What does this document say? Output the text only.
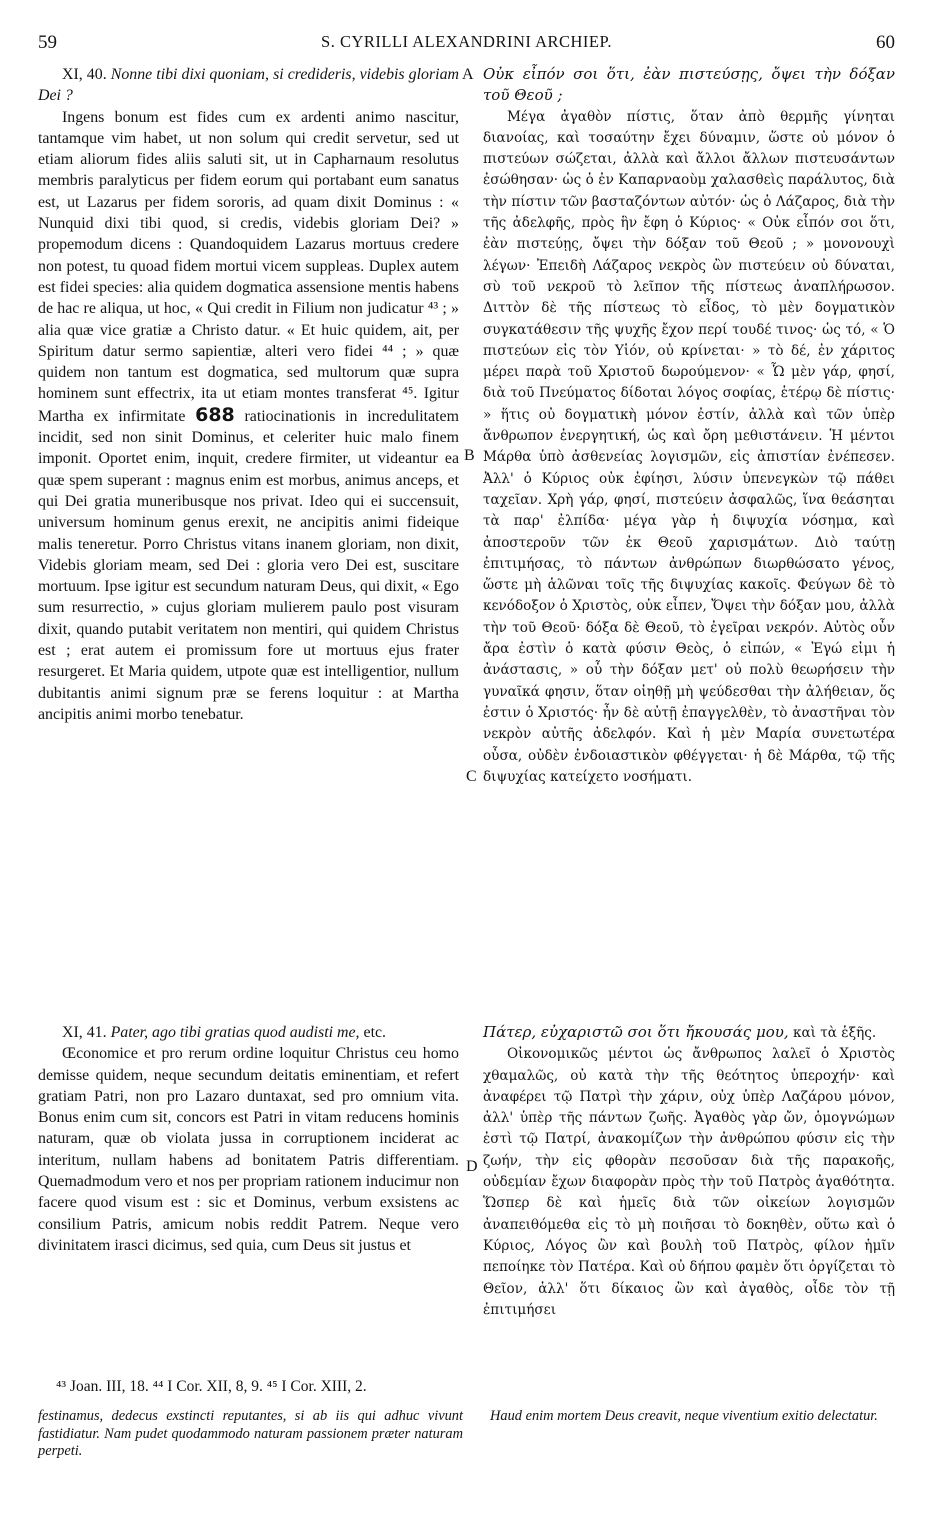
59	S. CYRILLI ALEXANDRINI ARCHIEP.	60

XI, 40. Nonne tibi dixi quoniam, si credideris, videbis gloriam Dei ?

Ingens bonum est fides cum ex ardenti animo nascitur, tantamque vim habet, ut non solum qui credit servetur, sed ut etiam aliorum fides aliis saluti sit, ut in Capharnaum resolutus membris paralyticus per fidem eorum qui portabant eum sanatus est, ut Lazarus per fidem sororis, ad quam dixit Dominus : « Nunquid dixi tibi quod, si credis, videbis gloriam Dei? » propemodum dicens : Quandoquidem Lazarus mortuus credere non potest, tu quoad fidem mortui vicem suppleas. Duplex autem est fidei species: alia quidem dogmatica assensione mentis habens de hac re aliqua, ut hoc, « Qui credit in Filium non judicatur ⁴³ ; » alia quæ vice gratiæ a Christo datur. « Et huic quidem, ait, per Spiritum datur sermo sapientiæ, alteri vero fidei ⁴⁴ ; » quæ quidem non tantum est dogmatica, sed multorum quæ supra hominem sunt effectrix, ita ut etiam montes transferat ⁴⁵. Igitur Martha ex infirmitate 688 ratiocinationis in incredulitatem incidit, sed non sinit Dominus, et celeriter huic malo finem imponit. Oportet enim, inquit, credere firmiter, ut videantur ea quæ spem superant : magnus enim est morbus, animus anceps, et qui Dei gratia muneribusque nos privat. Ideo qui ei succensuit, universum hominum genus erexit, ne ancipitis animi fideique malis teneretur. Porro Christus vitans inanem gloriam, non dixit, Videbis gloriam meam, sed Dei : gloria vero Dei est, suscitare mortuum. Ipse igitur est secundum naturam Deus, qui dixit, « Ego sum resurrectio, » cujus gloriam mulierem paulo post visuram dixit, quando putabit veritatem non mentiri, qui quidem Christus est ; erat autem ei promissum fore ut mortuus ejus frater resurgeret. Et Maria quidem, utpote quæ est intelligentior, nullum dubitantis animi signum præ se ferens loquitur : at Martha ancipitis animi morbo tenebatur.

XI, 41. Pater, ago tibi gratias quod audisti me, etc.

Œconomice et pro rerum ordine loquitur Christus ceu homo demisse quidem, neque secundum deitatis eminentiam, et refert gratiam Patri, non pro Lazaro duntaxat, sed pro omnium vita. Bonus enim cum sit, concors est Patri in vitam reducens hominis naturam, quæ ob violata jussa in corruptionem inciderat ac interitum, nullam habens ad bonitatem Patris differentiam. Quemadmodum vero et nos per propriam rationem inducimur non facere quod visum est : sic et Dominus, verbum exsistens ac consilium Patris, amicum nobis reddit Patrem. Neque vero divinitatem irasci dicimus, sed quia, cum Deus sit justus et

Οὐκ εἶπόν σοι ὅτι, ἐὰν πιστεύσῃς, ὄψει τὴν δόξαν τοῦ Θεοῦ ;

Μέγα ἀγαθὸν πίστις, ὅταν ἀπὸ θερμῆς γίνηται διανοίας, καὶ τοσαύτην ἔχει δύναμιν, ὥστε οὐ μόνον ὁ πιστεύων σώζεται, ἀλλὰ καὶ ἄλλοι ἄλλων πιστευσάντων ἐσώθησαν· ὡς ὁ ἐν Καπαρναοὺμ χαλασθεὶς παράλυτος, διὰ τὴν πίστιν τῶν βασταζόντων αὐτόν· ὡς ὁ Λάζαρος, διὰ τὴν τῆς ἀδελφῆς, πρὸς ἣν ἔφη ὁ Κύριος· « Οὐκ εἶπόν σοι ὅτι, ἐὰν πιστεύῃς, ὄψει τὴν δόξαν τοῦ Θεοῦ ; » μονονουχὶ λέγων· Ἐπειδὴ Λάζαρος νεκρὸς ὢν πιστεύειν οὐ δύναται, σὺ τοῦ νεκροῦ τὸ λεῖπον τῆς πίστεως ἀναπλήρωσον. Διττὸν δὲ τῆς πίστεως τὸ εἶδος, τὸ μὲν δογματικὸν συγκατάθεσιν τῆς ψυχῆς ἔχον περί τουδέ τινος· ὡς τό, « Ὁ πιστεύων εἰς τὸν Υἱόν, οὐ κρίνεται· » τὸ δέ, ἐν χάριτος μέρει παρὰ τοῦ Χριστοῦ δωρούμενον· « Ὧ μὲν γάρ, φησί, διὰ τοῦ Πνεύματος δίδοται λόγος σοφίας, ἑτέρῳ δὲ πίστις· » ἥτις οὐ δογματικὴ μόνον ἐστίν, ἀλλὰ καὶ τῶν ὑπὲρ ἄνθρωπον ἐνεργητική, ὡς καὶ ὄρη μεθιστάνειν. Ἡ μέντοι Μάρθα ὑπὸ ἀσθενείας λογισμῶν, εἰς ἀπιστίαν ἐνέπεσεν. Ἀλλ' ὁ Κύριος οὐκ ἐφίησι, λύσιν ὑπενεγκὼν τῷ πάθει ταχεῖαν. Χρὴ γάρ, φησί, πιστεύειν ἀσφαλῶς, ἵνα θεάσηται τὰ παρ' ἐλπίδα· μέγα γὰρ ἡ διψυχία νόσημα, καὶ ἀποστεροῦν τῶν ἐκ Θεοῦ χαρισμάτων. Διὸ ταύτῃ ἐπιτιμήσας, τὸ πάντων ἀνθρώπων διωρθώσατο γένος, ὥστε μὴ ἁλῶναι τοῖς τῆς διψυχίας κακοῖς. Φεύγων δὲ τὸ κενόδοξον ὁ Χριστὸς, οὐκ εἶπεν, Ὄψει τὴν δόξαν μου, ἀλλὰ τὴν τοῦ Θεοῦ· δόξα δὲ Θεοῦ, τὸ ἐγεῖραι νεκρόν. Αὐτὸς οὖν ἄρα ἐστὶν ὁ κατὰ φύσιν Θεὸς, ὁ εἰπών, « Ἐγώ εἰμι ἡ ἀνάστασις, » οὗ τὴν δόξαν μετ' οὐ πολὺ θεωρήσειν τὴν γυναῖκά φησιν, ὅταν οἰηθῇ μὴ ψεύδεσθαι τὴν ἀλήθειαν, ὅς ἐστιν ὁ Χριστός· ἦν δὲ αὐτῇ ἐπαγγελθὲν, τὸ ἀναστῆναι τὸν νεκρὸν αὐτῆς ἀδελφόν. Καὶ ἡ μὲν Μαρία συνετωτέρα οὖσα, οὐδὲν ἐνδοιαστικὸν φθέγγεται· ἡ δὲ Μάρθα, τῷ τῆς διψυχίας κατείχετο νοσήματι.

Πάτερ, εὐχαριστῶ σοι ὅτι ἤκουσάς μου, καὶ τὰ ἑξῆς.

Οἰκονομικῶς μέντοι ὡς ἄνθρωπος λαλεῖ ὁ Χριστὸς χθαμαλῶς, οὐ κατὰ τὴν τῆς θεότητος ὑπεροχήν· καὶ ἀναφέρει τῷ Πατρὶ τὴν χάριν, οὐχ ὑπὲρ Λαζάρου μόνον, ἀλλ' ὑπὲρ τῆς πάντων ζωῆς. Ἀγαθὸς γὰρ ὤν, ὁμογνώμων ἐστὶ τῷ Πατρί, ἀνακομίζων τὴν ἀνθρώπου φύσιν εἰς τὴν ζωήν, τὴν εἰς φθορὰν πεσοῦσαν διὰ τῆς παρακοῆς, οὐδεμίαν ἔχων διαφορὰν πρὸς τὴν τοῦ Πατρὸς ἀγαθότητα. Ὥσπερ δὲ καὶ ἡμεῖς διὰ τῶν οἰκείων λογισμῶν ἀναπειθόμεθα εἰς τὸ μὴ ποιῆσαι τὸ δοκηθὲν, οὕτω καὶ ὁ Κύριος, Λόγος ὢν καὶ βουλὴ τοῦ Πατρὸς, φίλον ἡμῖν πεποίηκε τὸν Πατέρα. Καὶ οὐ δήπου φαμὲν ὅτι ὀργίζεται τὸ Θεῖον, ἀλλ' ὅτι δίκαιος ὢν καὶ ἀγαθὸς, οἶδε τὸν τῇ ἐπιτιμήσει

A
B
C
D
⁴³ Joan. III, 18. ⁴⁴ I Cor. XII, 8, 9. ⁴⁵ I Cor. XIII, 2.
festinamus, dedecus exstincti reputantes, si ab iis qui adhuc vivunt fastidiatur. Nam pudet quodammodo naturam passionem præter naturam perpeti.
Haud enim mortem Deus creavit, neque viventium exitio delectatur.
